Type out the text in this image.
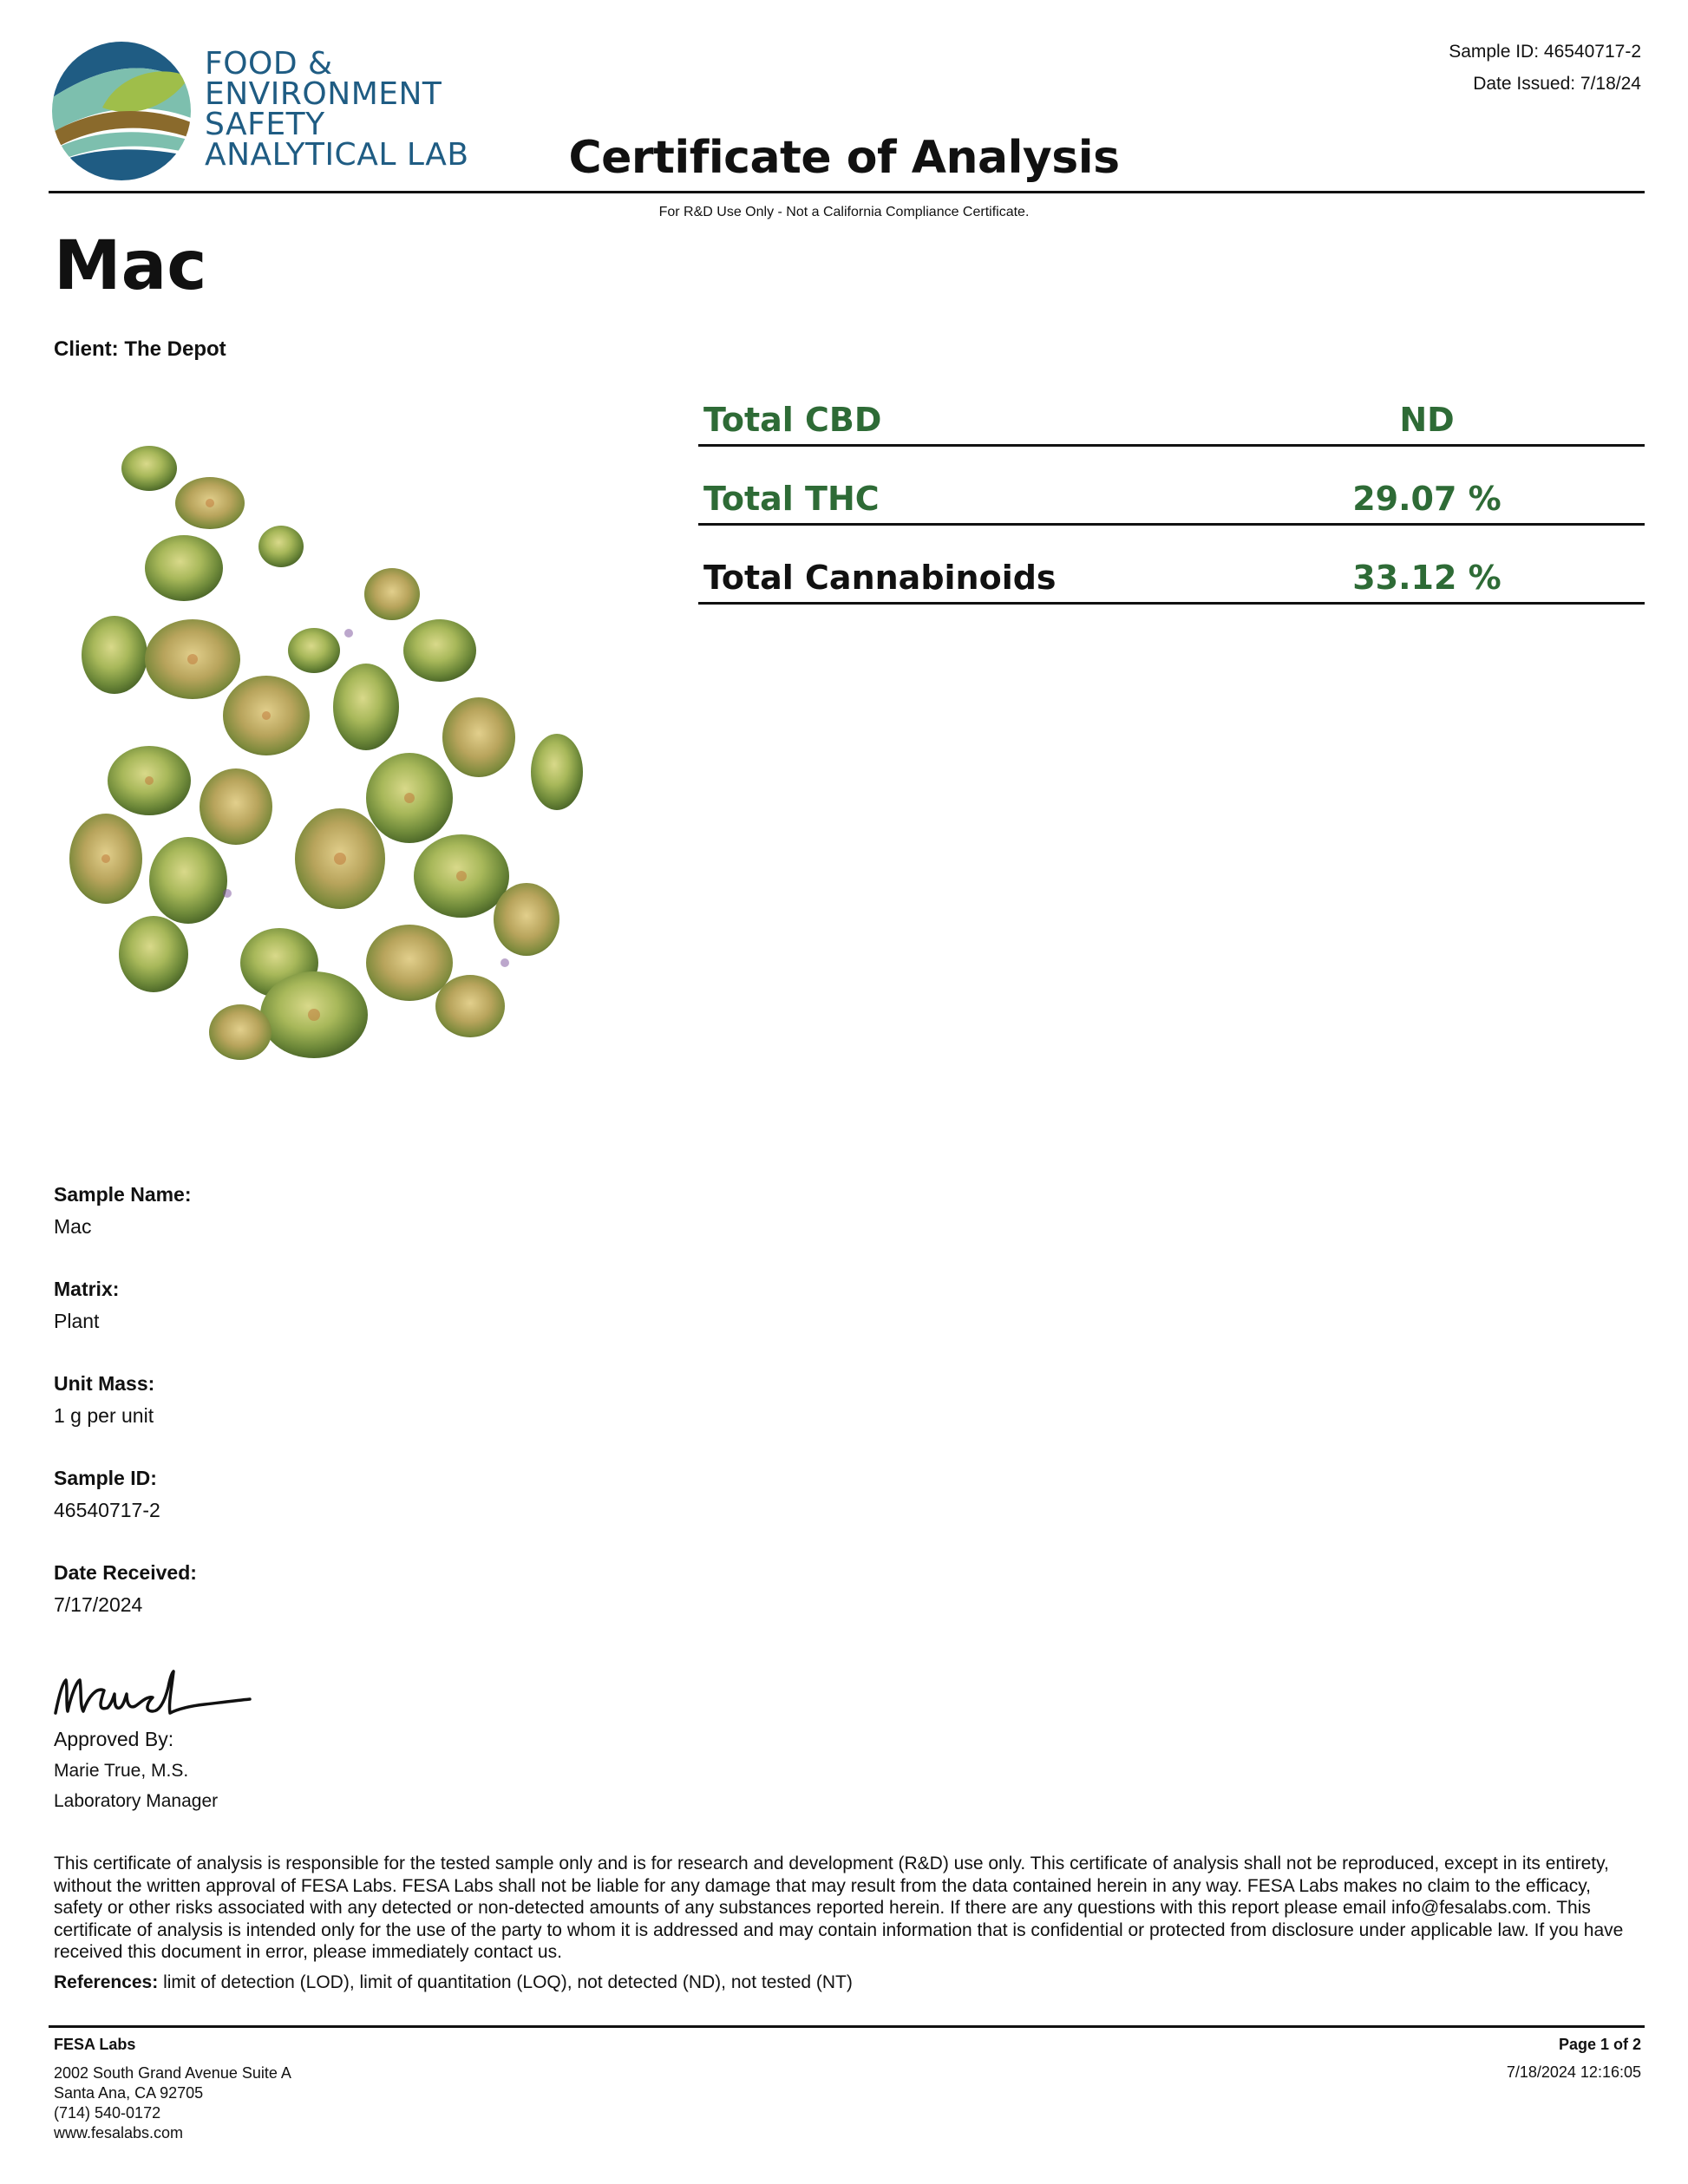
FOOD &
ENVIRONMENT
SAFETY
ANALYTICAL LAB
Sample ID: 46540717-2
Date Issued: 7/18/24
Certificate of Analysis
For R&D Use Only - Not a California Compliance Certificate.
Mac
Client: The Depot
Total CBD	ND
Total THC	29.07 %
Total Cannabinoids	33.12 %
Sample Name:
Mac
Matrix:
Plant
Unit Mass:
1 g per unit
Sample ID:
46540717-2
Date Received:
7/17/2024
Approved By:
Marie True, M.S.
Laboratory Manager
This certificate of analysis is responsible for the tested sample only and is for research and development (R&D) use only. This certificate of analysis shall not be reproduced, except in its entirety, without the written approval of FESA Labs. FESA Labs shall not be liable for any damage that may result from the data contained herein in any way. FESA Labs makes no claim to the efficacy, safety or other risks associated with any detected or non-detected amounts of any substances reported herein. If there are any questions with this report please email info@fesalabs.com. This certificate of analysis is intended only for the use of the party to whom it is addressed and may contain information that is confidential or protected from disclosure under applicable law. If you have received this document in error, please immediately contact us.
References: limit of detection (LOD), limit of quantitation (LOQ), not detected (ND), not tested (NT)
FESA Labs
2002 South Grand Avenue Suite A
Santa Ana, CA 92705
(714) 540-0172
www.fesalabs.com
Page 1 of 2
7/18/2024 12:16:05
